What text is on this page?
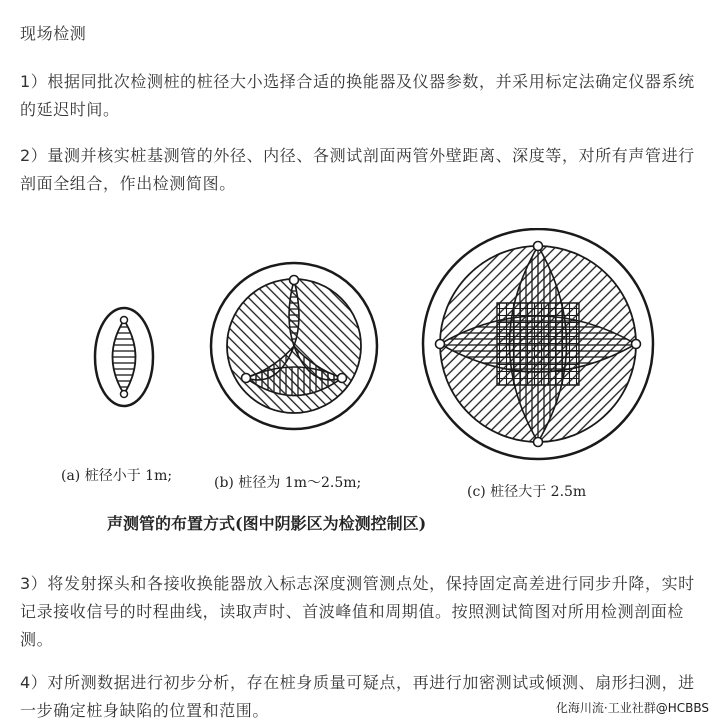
现场检测

1）根据同批次检测桩的桩径大小选择合适的换能器及仪器参数，并采用标定法确定仪器系统的延迟时间。

2）量测并核实桩基测管的外径、内径、各测试剖面两管外壁距离、深度等，对所有声管进行剖面全组合，作出检测简图。

(a) 桩径小于 1m;	(b) 桩径为 1m～2.5m;
(c) 桩径大于 2.5m
声测管的布置方式(图中阴影区为检测控制区)

3）将发射探头和各接收换能器放入标志深度测管测点处，保持固定高差进行同步升降，实时记录接收信号的时程曲线，读取声时、首波峰值和周期值。按照测试简图对所用检测剖面检测。

4）对所测数据进行初步分析，存在桩身质量可疑点，再进行加密测试或倾测、扇形扫测，进一步确定桩身缺陷的位置和范围。	化海川流·工业社群@HCBBS
